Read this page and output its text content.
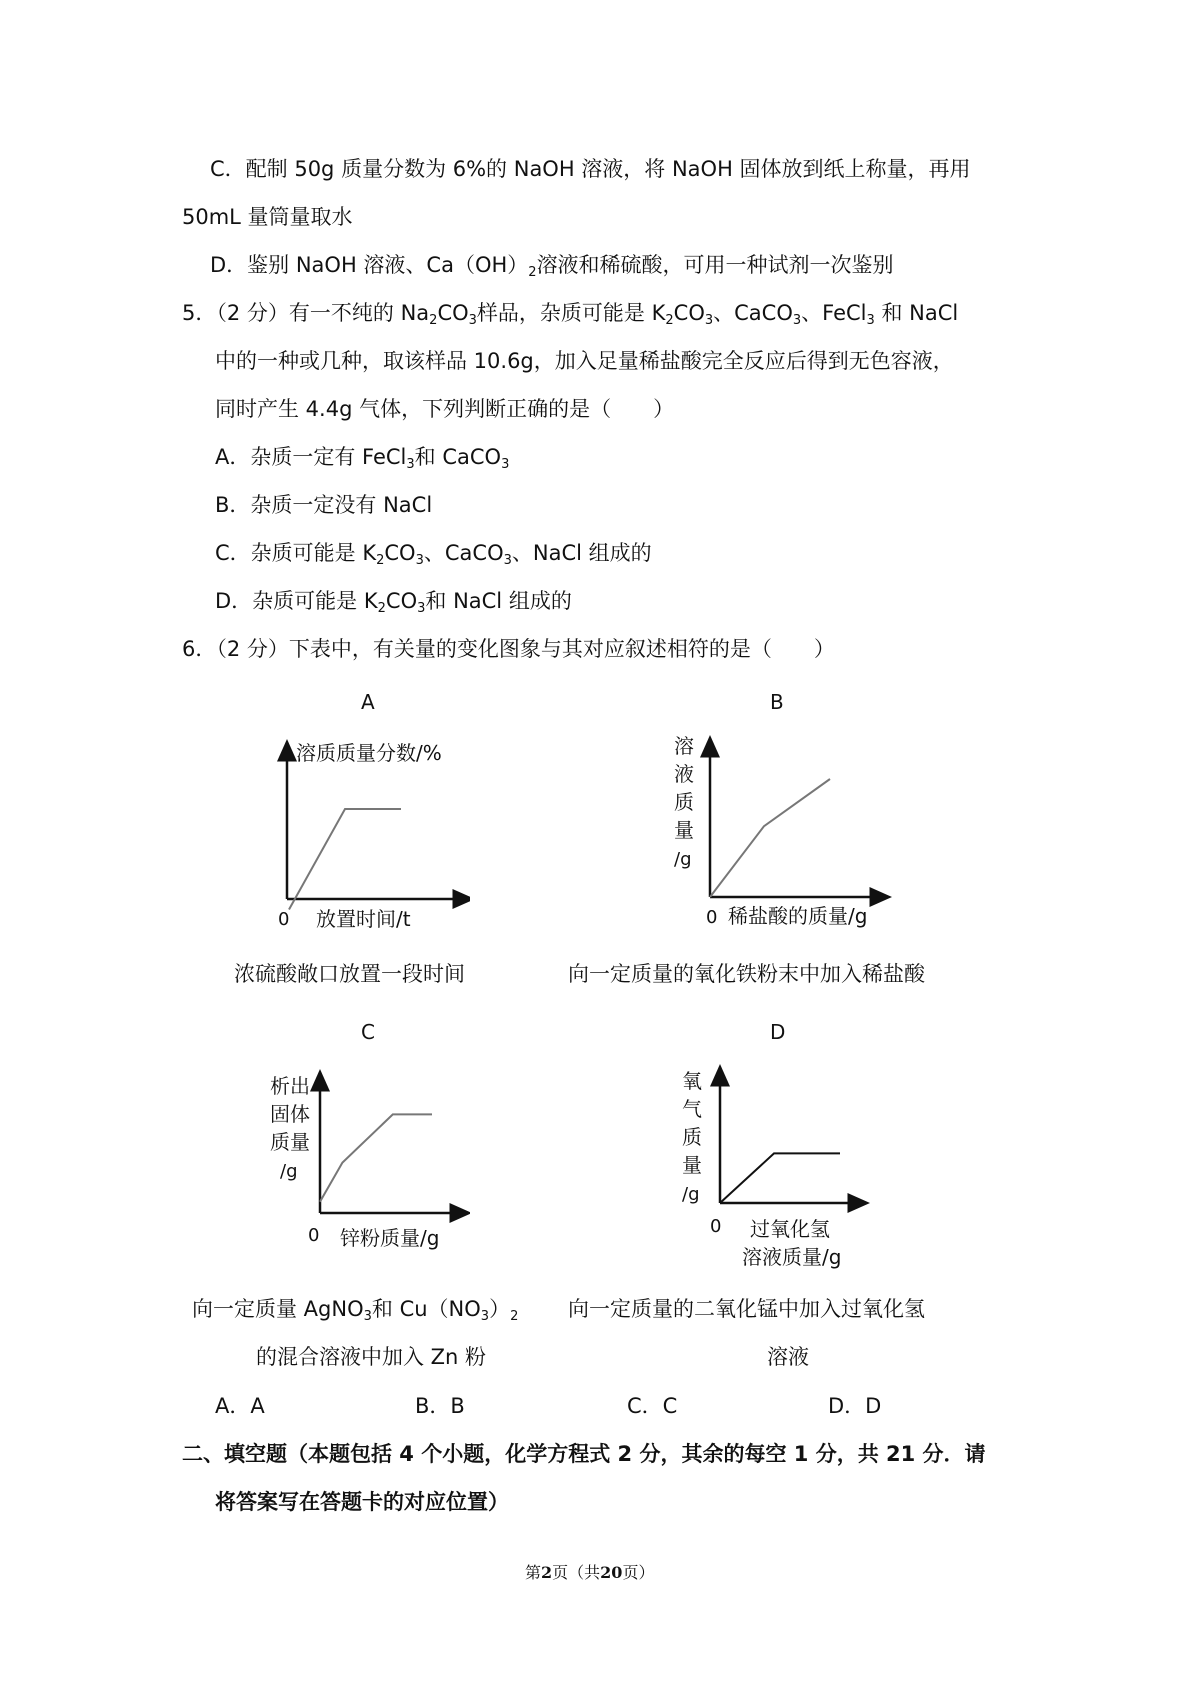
C．配制 50g 质量分数为 6%的 NaOH 溶液，将 NaOH 固体放到纸上称量，再用
50mL 量筒量取水
D．鉴别 NaOH 溶液、$Ca(OH)_2$溶液和稀硫酸，可用一种试剂一次鉴别
5．（2 分）有一不纯的 $Na_2CO_3$样品，杂质可能是 $K_2CO_3$、CaCO$_3$、FeCl$_3$ 和 NaCl
中的一种或几种，取该样品 10.6g，加入足量稀盐酸完全反应后得到无色容液，
同时产生 4.4g 气体，下列判断正确的是（　　）
A．杂质一定有 FeCl$_3$和 CaCO$_3$
B．杂质一定没有 NaCl
C．杂质可能是 $K_2CO_3$、CaCO$_3$、NaCl 组成的
D．杂质可能是 $K_2CO_3$和 NaCl 组成的
6．（2 分）下表中，有关量的变化图象与其对应叙述相符的是（　　）
A	B
溶质质量分数/%
0 放置时间/t
溶
液
质
量
/g
0 稀盐酸的质量/g
浓硫酸敞口放置一段时间	向一定质量的氧化铁粉末中加入稀盐酸
C	D
析出
固体
质量
/g
0 锌粉质量/g
氧
气
质
量
/g
0 过氧化氢
溶液质量/g
向一定质量 AgNO$_3$和 $Cu(NO_3)_2$ 向一定质量的二氧化锰中加入过氧化氢
的混合溶液中加入 Zn 粉	溶液
A．A	B．B	C．C	D．D
二、填空题（本题包括 4 个小题，化学方程式 2 分，其余的每空 1 分，共 21 分．请
将答案写在答题卡的对应位置）
第2页（共20页）
